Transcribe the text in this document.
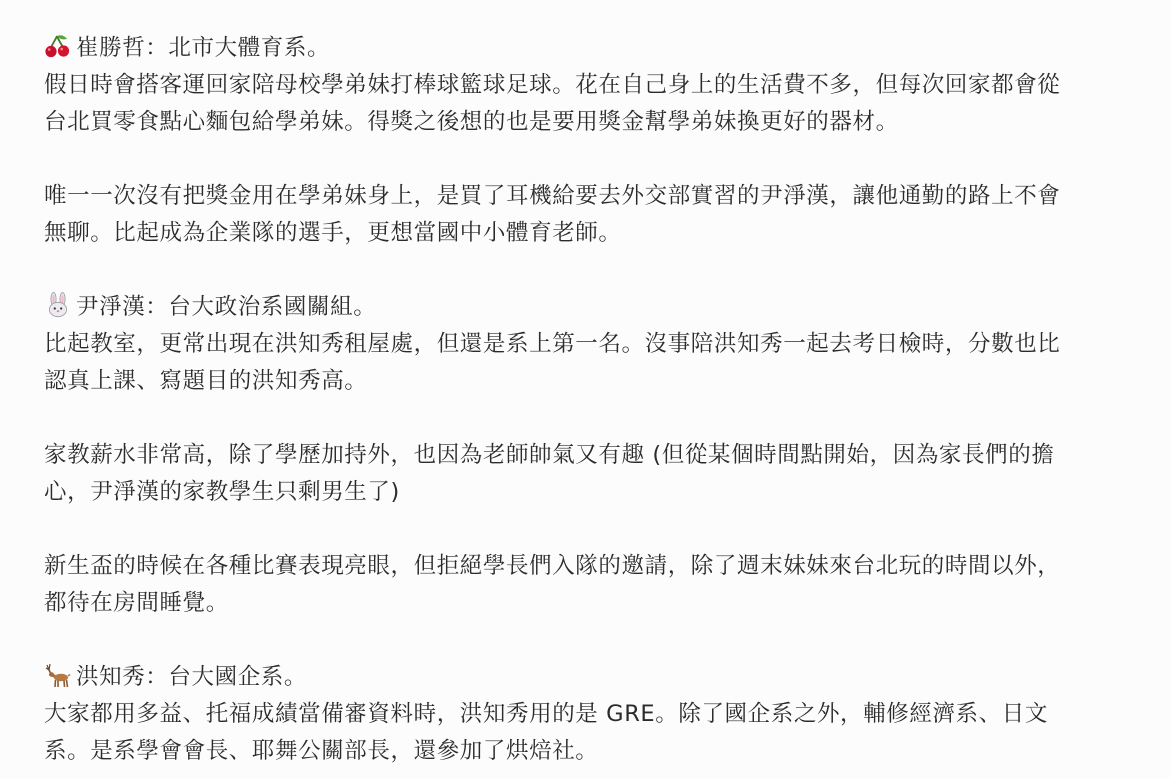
崔勝哲：北市大體育系。
假日時會搭客運回家陪母校學弟妹打棒球籃球足球。花在自己身上的生活費不多，但每次回家都會從
台北買零食點心麵包給學弟妹。得獎之後想的也是要用獎金幫學弟妹換更好的器材。
唯一一次沒有把獎金用在學弟妹身上，是買了耳機給要去外交部實習的尹淨漢，讓他通勤的路上不會
無聊。比起成為企業隊的選手，更想當國中小體育老師。
尹淨漢：台大政治系國關組。
比起教室，更常出現在洪知秀租屋處，但還是系上第一名。沒事陪洪知秀一起去考日檢時，分數也比
認真上課、寫題目的洪知秀高。
家教薪水非常高，除了學歷加持外，也因為老師帥氣又有趣 (但從某個時間點開始，因為家長們的擔
心，尹淨漢的家教學生只剩男生了)
新生盃的時候在各種比賽表現亮眼，但拒絕學長們入隊的邀請，除了週末妹妹來台北玩的時間以外，
都待在房間睡覺。
洪知秀：台大國企系。
大家都用多益、托福成績當備審資料時，洪知秀用的是 GRE。除了國企系之外，輔修經濟系、日文
系。是系學會會長、耶舞公關部長，還參加了烘焙社。
